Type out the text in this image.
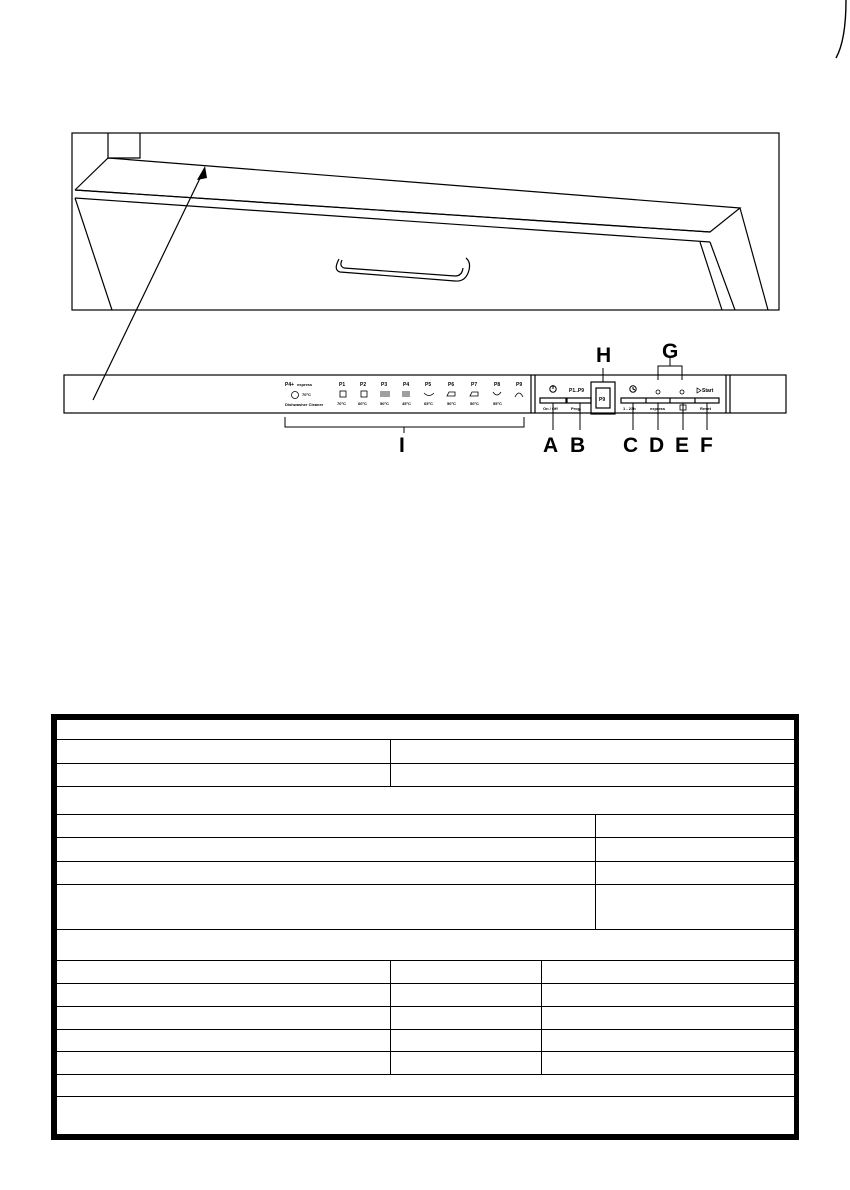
P4+ express
70°C
Dishwasher Cleaner
P1
70°C
P2
60°C
P3
50°C
P4
45°C
P5
65°C
P6
50°C
P7
50°C
P8
55°C
P9
On / Off
P1..P9
Prog.	1 - 23h	express
Start
Reset
P9
H G
I	A B C D E F
